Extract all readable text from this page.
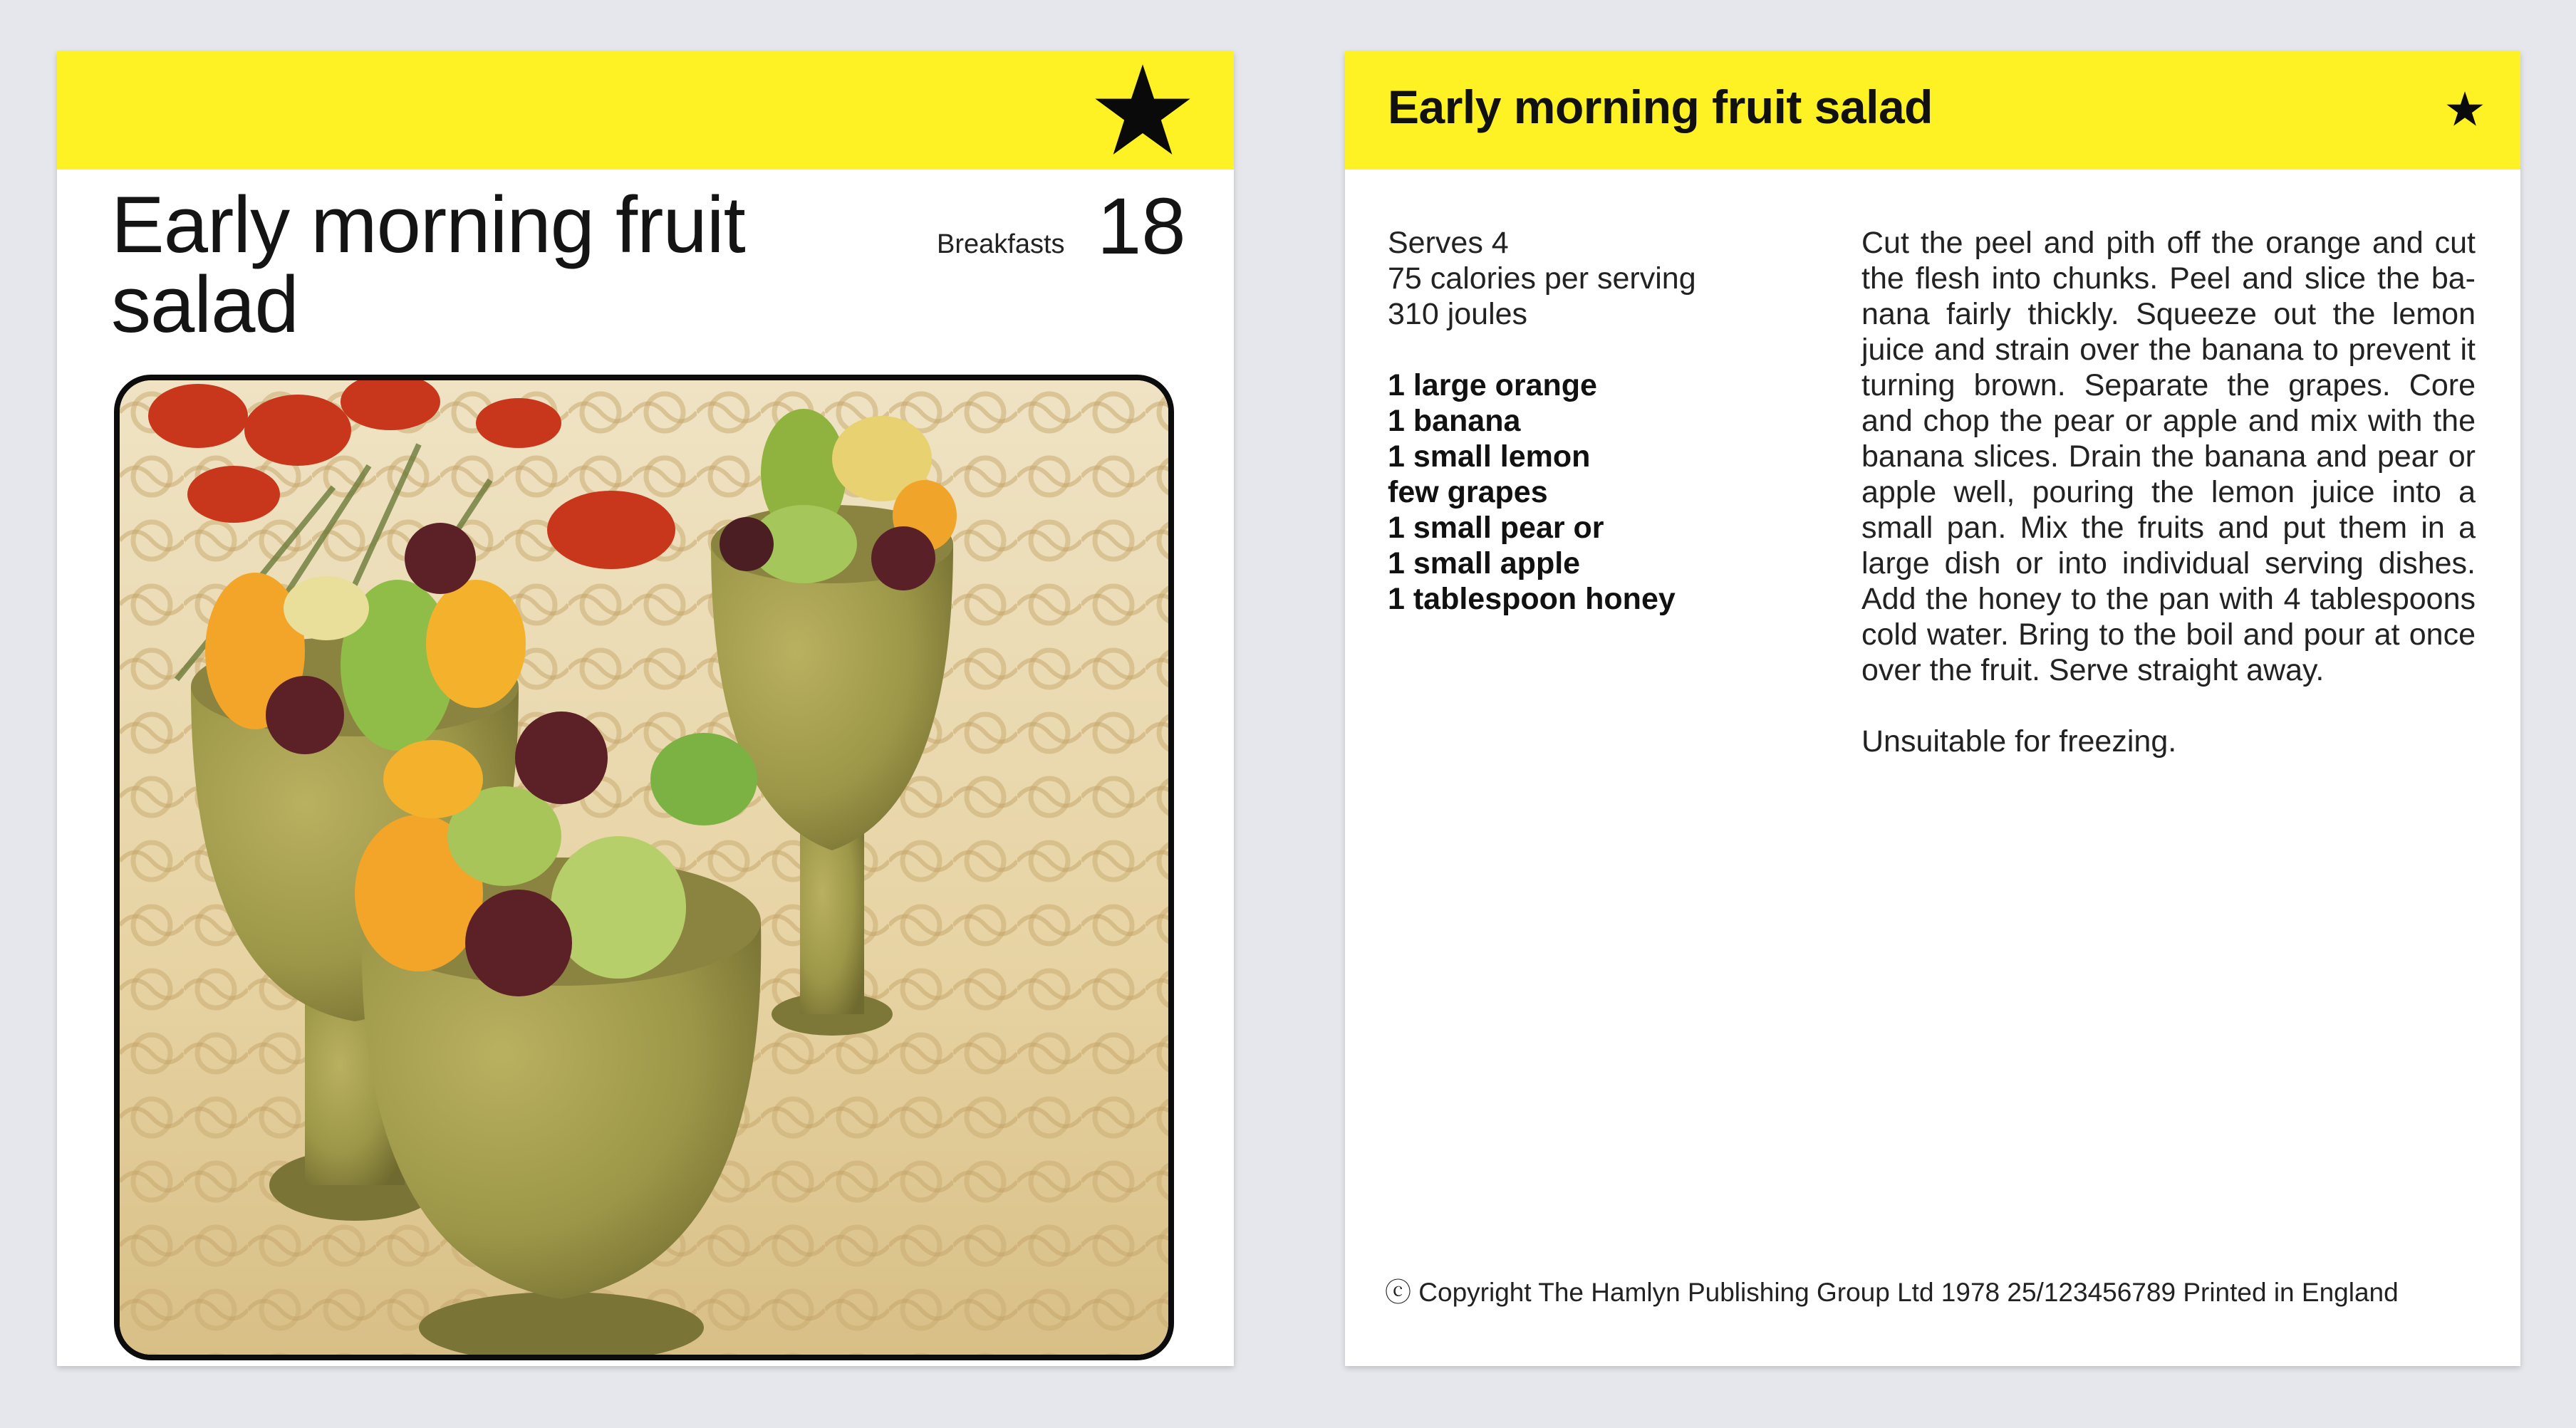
Early morning fruit salad
Breakfasts 18
Early morning fruit salad
Serves 4
75 calories per serving
310 joules
1 large orange
1 banana
1 small lemon
few grapes
1 small pear or
1 small apple
1 tablespoon honey
Cut the peel and pith off the orange and cut the flesh into chunks. Peel and slice the ba-nana fairly thickly. Squeeze out the lemon juice and strain over the banana to prevent it turning brown. Separate the grapes. Core and chop the pear or apple and mix with the banana slices. Drain the banana and pear or apple well, pouring the lemon juice into a small pan. Mix the fruits and put them in a large dish or into individual serving dishes. Add the honey to the pan with 4 tablespoons cold water. Bring to the boil and pour at once over the fruit. Serve straight away.
Unsuitable for freezing.
ⓒ Copyright The Hamlyn Publishing Group Ltd 1978 25/123456789 Printed in England
